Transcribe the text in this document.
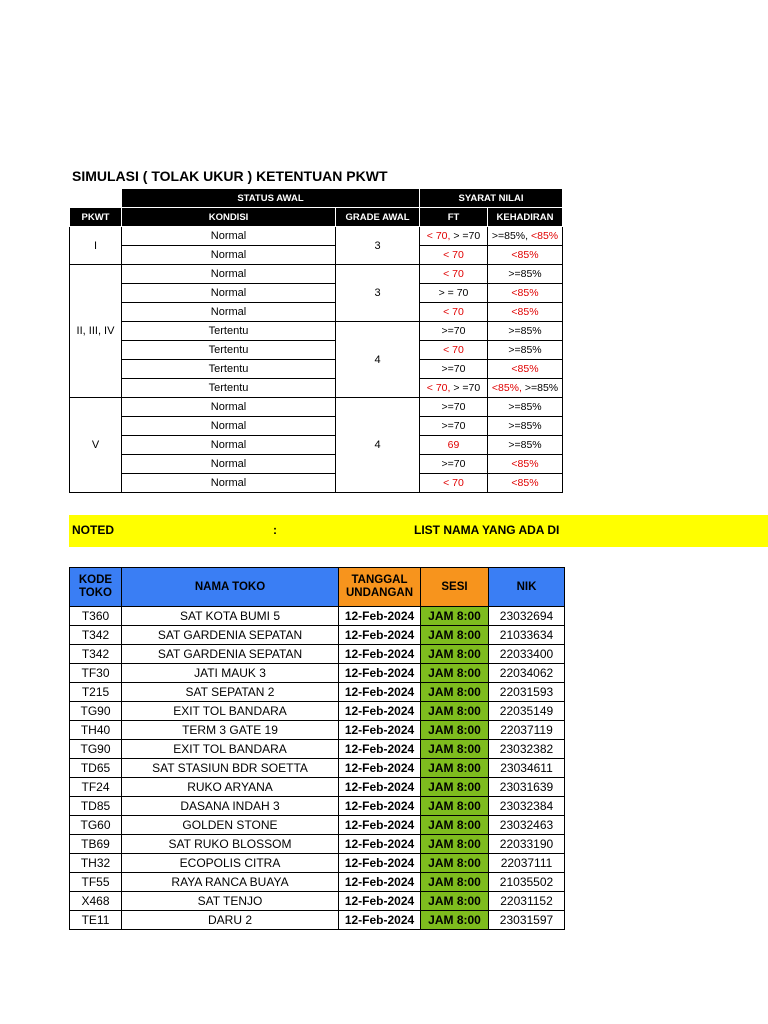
SIMULASI ( TOLAK UKUR ) KETENTUAN PKWT
	STATUS AWAL		SYARAT NILAI	
PKWT	KONDISI	GRADE AWAL	FT	KEHADIRAN
I	Normal	3	< 70, > =70	>=85%, <85%
	Normal		< 70	<85%
II, III, IV	Normal	3	< 70	>=85%
	Normal		> = 70	<85%
	Normal		< 70	<85%
	Tertentu	4	>=70	>=85%
	Tertentu		< 70	>=85%
	Tertentu		>=70	<85%
	Tertentu		< 70, > =70	<85%, >=85%
V	Normal	4	>=70	>=85%
	Normal		>=70	>=85%
	Normal		69	>=85%
	Normal		>=70	<85%
	Normal		< 70	<85%
NOTED	:	LIST NAMA YANG ADA DI
KODE TOKO	NAMA TOKO	TANGGAL UNDANGAN	SESI	NIK
T360	SAT KOTA BUMI 5	12-Feb-2024	JAM 8:00	23032694
T342	SAT GARDENIA SEPATAN	12-Feb-2024	JAM 8:00	21033634
T342	SAT GARDENIA SEPATAN	12-Feb-2024	JAM 8:00	22033400
TF30	JATI MAUK 3	12-Feb-2024	JAM 8:00	22034062
T215	SAT SEPATAN 2	12-Feb-2024	JAM 8:00	22031593
TG90	EXIT TOL BANDARA	12-Feb-2024	JAM 8:00	22035149
TH40	TERM 3 GATE 19	12-Feb-2024	JAM 8:00	22037119
TG90	EXIT TOL BANDARA	12-Feb-2024	JAM 8:00	23032382
TD65	SAT STASIUN BDR SOETTA	12-Feb-2024	JAM 8:00	23034611
TF24	RUKO ARYANA	12-Feb-2024	JAM 8:00	23031639
TD85	DASANA INDAH 3	12-Feb-2024	JAM 8:00	23032384
TG60	GOLDEN STONE	12-Feb-2024	JAM 8:00	23032463
TB69	SAT RUKO BLOSSOM	12-Feb-2024	JAM 8:00	22033190
TH32	ECOPOLIS CITRA	12-Feb-2024	JAM 8:00	22037111
TF55	RAYA RANCA BUAYA	12-Feb-2024	JAM 8:00	21035502
X468	SAT TENJO	12-Feb-2024	JAM 8:00	22031152
TE11	DARU 2	12-Feb-2024	JAM 8:00	23031597
